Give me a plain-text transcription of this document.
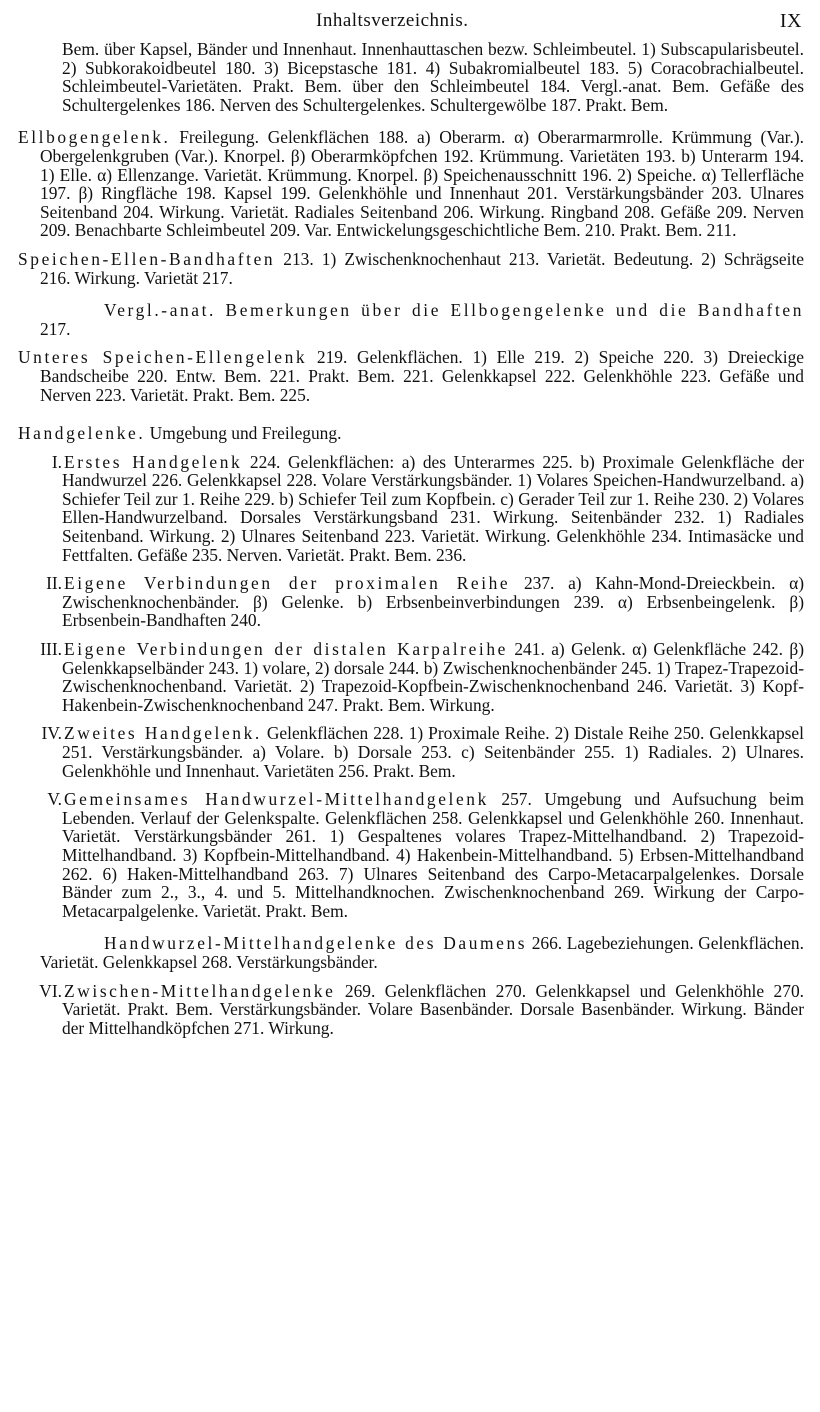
Inhaltsverzeichnis.	IX

Bem. über Kapsel, Bänder und Innenhaut. Innenhauttaschen bezw. Schleimbeutel. 1) Subscapularisbeutel. 2) Subkorakoidbeutel 180. 3) Bicepstasche 181. 4) Subakromialbeutel 183. 5) Coracobrachialbeutel. Schleimbeutel-Varietäten. Prakt. Bem. über den Schleimbeutel 184. Vergl.-anat. Bem. Gefäße des Schultergelenkes 186. Nerven des Schultergelenkes. Schultergewölbe 187. Prakt. Bem.

Ellbogengelenk. Freilegung. Gelenkflächen 188. a) Oberarm. α) Oberarmarmrolle. Krümmung (Var.). Obergelenkgruben (Var.). Knorpel. β) Oberarmköpfchen 192. Krümmung. Varietäten 193. b) Unterarm 194. 1) Elle. α) Ellenzange. Varietät. Krümmung. Knorpel. β) Speichenausschnitt 196. 2) Speiche. α) Tellerfläche 197. β) Ringfläche 198. Kapsel 199. Gelenkhöhle und Innenhaut 201. Verstärkungsbänder 203. Ulnares Seitenband 204. Wirkung. Varietät. Radiales Seitenband 206. Wirkung. Ringband 208. Gefäße 209. Nerven 209. Benachbarte Schleimbeutel 209. Var. Entwickelungsgeschichtliche Bem. 210. Prakt. Bem. 211.

Speichen-Ellen-Bandhaften 213. 1) Zwischenknochenhaut 213. Varietät. Bedeutung. 2) Schrägseite 216. Wirkung. Varietät 217.

Vergl.-anat. Bemerkungen über die Ellbogengelenke und die Bandhaften 217.

Unteres Speichen-Ellengelenk 219. Gelenkflächen. 1) Elle 219. 2) Speiche 220. 3) Dreieckige Bandscheibe 220. Entw. Bem. 221. Prakt. Bem. 221. Gelenkkapsel 222. Gelenkhöhle 223. Gefäße und Nerven 223. Varietät. Prakt. Bem. 225.

Handgelenke. Umgebung und Freilegung.

I. Erstes Handgelenk 224. Gelenkflächen: a) des Unterarmes 225. b) Proximale Gelenkfläche der Handwurzel 226. Gelenkkapsel 228. Volare Verstärkungsbänder. 1) Volares Speichen-Handwurzelband. a) Schiefer Teil zur 1. Reihe 229. b) Schiefer Teil zum Kopfbein. c) Gerader Teil zur 1. Reihe 230. 2) Volares Ellen-Handwurzelband. Dorsales Verstärkungsband 231. Wirkung. Seitenbänder 232. 1) Radiales Seitenband. Wirkung. 2) Ulnares Seitenband 223. Varietät. Wirkung. Gelenkhöhle 234. Intimasäcke und Fettfalten. Gefäße 235. Nerven. Varietät. Prakt. Bem. 236.

II. Eigene Verbindungen der proximalen Reihe 237. a) Kahn-Mond-Dreieckbein. α) Zwischenknochenbänder. β) Gelenke. b) Erbsenbeinverbindungen 239. α) Erbsenbeingelenk. β) Erbsenbein-Bandhaften 240.

III. Eigene Verbindungen der distalen Karpalreihe 241. a) Gelenk. α) Gelenkfläche 242. β) Gelenkkapselbänder 243. 1) volare, 2) dorsale 244. b) Zwischenknochenbänder 245. 1) Trapez-Trapezoid-Zwischenknochenband. Varietät. 2) Trapezoid-Kopfbein-Zwischenknochenband 246. Varietät. 3) Kopf-Hakenbein-Zwischenknochenband 247. Prakt. Bem. Wirkung.

IV. Zweites Handgelenk. Gelenkflächen 228. 1) Proximale Reihe. 2) Distale Reihe 250. Gelenkkapsel 251. Verstärkungsbänder. a) Volare. b) Dorsale 253. c) Seitenbänder 255. 1) Radiales. 2) Ulnares. Gelenkhöhle und Innenhaut. Varietäten 256. Prakt. Bem.

V. Gemeinsames Handwurzel-Mittelhandgelenk 257. Umgebung und Aufsuchung beim Lebenden. Verlauf der Gelenkspalte. Gelenkflächen 258. Gelenkkapsel und Gelenkhöhle 260. Innenhaut. Varietät. Verstärkungsbänder 261. 1) Gespaltenes volares Trapez-Mittelhandband. 2) Trapezoid-Mittelhandband. 3) Kopfbein-Mittelhandband. 4) Hakenbein-Mittelhandband. 5) Erbsen-Mittelhandband 262. 6) Haken-Mittelhandband 263. 7) Ulnares Seitenband des Carpo-Metacarpalgelenkes. Dorsale Bänder zum 2., 3., 4. und 5. Mittelhandknochen. Zwischenknochenband 269. Wirkung der Carpo-Metacarpalgelenke. Varietät. Prakt. Bem.

Handwurzel-Mittelhandgelenke des Daumens 266. Lagebeziehungen. Gelenkflächen. Varietät. Gelenkkapsel 268. Verstärkungsbänder.

VI. Zwischen-Mittelhandgelenke 269. Gelenkflächen 270. Gelenkkapsel und Gelenkhöhle 270. Varietät. Prakt. Bem. Verstärkungsbänder. Volare Basenbänder. Dorsale Basenbänder. Wirkung. Bänder der Mittelhandköpfchen 271. Wirkung.
